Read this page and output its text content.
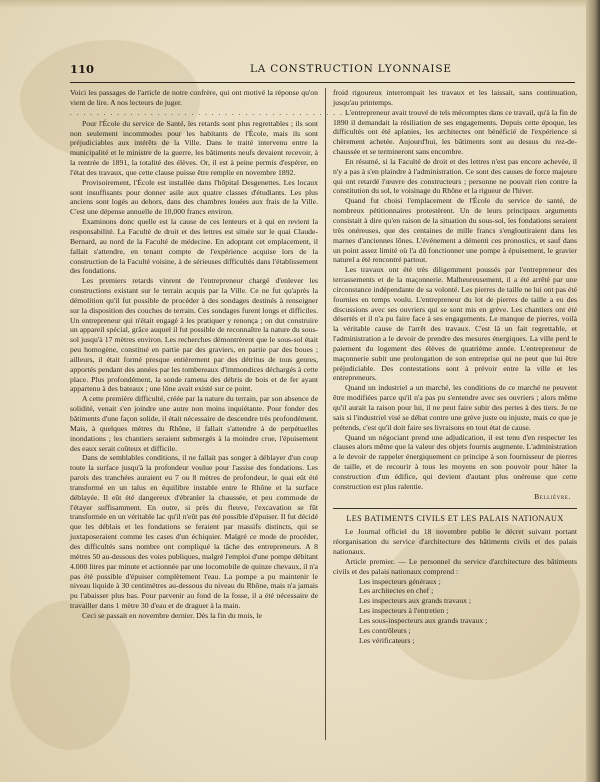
110	LA CONSTRUCTION LYONNAISE

Voici les passages de l'article de notre confrère, qui ont motivé la réponse qu'on vient de lire. A nos lecteurs de juger.

..........................................

Pour l'École du service de Santé, les retards sont plus regrettables ; ils sont non seulement incommodes pour les habitants de l'École, mais ils sont préjudiciables aux intérêts de la Ville. Dans le traité intervenu entre la municipalité et le ministre de la guerre, les bâtiments neufs devaient recevoir, à la rentrée de 1891, la totalité des élèves. Or, il est à peine permis d'espérer, en l'état des travaux, que cette clause puisse être remplie en novembre 1892.

Provisoirement, l'École est installée dans l'hôpital Desgenettes. Les locaux sont insuffisants pour donner asile aux quatre classes d'étudiants. Les plus anciens sont logés au dehors, dans des chambres louées aux frais de la Ville. C'est une dépense annuelle de 10,000 francs environ.

Examinons donc quelle est la cause de ces lenteurs et à qui en revient la responsabilité. La Faculté de droit et des lettres est située sur le quai Claude-Bernard, au nord de la Faculté de médecine. En adoptant cet emplacement, il fallait s'attendre, en tenant compte de l'expérience acquise lors de la construction de la Faculté voisine, à de sérieuses difficultés dans l'établissement des fondations.

Les premiers retards vinrent de l'entrepreneur chargé d'enlever les constructions existant sur le terrain acquis par la Ville. Ce ne fut qu'après la démolition qu'il fut possible de procéder à des sondages destinés à renseigner sur la disposition des couches de terrain. Ces sondages furent longs et difficiles. Un entrepreneur qui n'était engagé à les pratiquer y renonça ; on dut construire un appareil spécial, grâce auquel il fut possible de reconnaître la nature du sous-sol jusqu'à 17 mètres environ. Les recherches démontrèrent que le sous-sol était peu homogène, constitué en partie par des graviers, en partie par des boues ; ailleurs, il était formé presque entièrement par des détritus de tous genres, apportés pendant des années par les tombereaux d'immondices déchargés à cette place. Plus profondément, la sonde ramena des débris de bois et de fer ayant appartenu à des bateaux ; une lône avait existé sur ce point.

A cette première difficulté, créée par la nature du terrain, par son absence de solidité, venait s'en joindre une autre non moins inquiétante. Pour fonder des bâtiments d'une façon solide, il était nécessaire de descendre très profondément. Mais, à quelques mètres du Rhône, il fallait s'attendre à de perpétuelles inondations ; les chantiers seraient submergés à la moindre crue, l'épuisement des eaux serait coûteux et difficile.

Dans de semblables conditions, il ne fallait pas songer à déblayer d'un coup toute la surface jusqu'à la profondeur voulue pour l'assise des fondations. Les parois des tranchées auraient eu 7 ou 8 mètres de profondeur, le quai eût été transformé en un talus en équilibre instable entre le Rhône et la surface déblayée. Il eût été dangereux d'ébranler la chaussée, et peu commode de l'étayer suffisamment. En outre, si près du fleuve, l'excavation se fût transformée en un véritable lac qu'il n'eût pas été possible d'épuiser. Il fut décidé que les déblais et les fondations se feraient par massifs distincts, qui se juxtaposeraient comme les cases d'un échiquier. Malgré ce mode de procéder, des difficultés sans nombre ont compliqué la tâche des entrepreneurs. A 8 mètres 50 au-dessous des voies publiques, malgré l'emploi d'une pompe débitant 4.000 litres par minute et actionnée par une locomobile de quinze chevaux, il n'a pas été possible d'épuiser complètement l'eau. La pompe a pu maintenir le niveau liquide à 30 centimètres au-dessous du niveau du Rhône, mais n'a jamais pu l'abaisser plus bas. Pour parvenir au fond de la fosse, il a été nécessaire de travailler dans 1 mètre 30 d'eau et de draguer à la main.

Ceci se passait en novembre dernier. Dès la fin du mois, le

froid rigoureux interrompait les travaux et les laissait, sans continuation, jusqu'au printemps.

L'entrepreneur avait trouvé de tels mécomptes dans ce travail, qu'à la fin de 1890 il demandait la résiliation de ses engagements. Depuis cette époque, les difficultés ont été aplanies, les architectes ont bénéficié de l'expérience si chèrement achetée. Aujourd'hui, les bâtiments sont au dessus du rez-de-chaussée et se termineront sans encombre.

En résumé, si la Faculté de droit et des lettres n'est pas encore achevée, il n'y a pas à s'en plaindre à l'administration. Ce sont des causes de force majeure qui ont retardé l'œuvre des constructeurs ; personne ne pouvait rien contre la constitution du sol, le voisinage du Rhône et la rigueur de l'hiver.

Quand fut choisi l'emplacement de l'École du service de santé, de nombreux pétitionnaires protestèrent. Un de leurs principaux arguments consistait à dire qu'en raison de la situation du sous-sol, les fondations seraient très onéreuses, que des centaines de mille francs s'engloutiraient dans les marnes d'anciennes lônes. L'événement a démenti ces pronostics, et sauf dans un point assez limité où l'a dû fonctionner une pompe à épuisement, le gravier naturel a été rencontré partout.

Les travaux ont été très diligemment poussés par l'entrepreneur des terrassements et de la maçonnerie. Malheureusement, il a été arrêté par une circonstance indépendante de sa volonté. Les pierres de taille ne lui ont pas été fournies en temps voulu. L'entrepreneur du lot de pierres de taille a eu des discussions avec ses ouvriers qui se sont mis en grève. Les chantiers ont été désertés et il n'a pu faire face à ses engagements. Le manque de pierres, voilà la véritable cause de l'arrêt des travaux. C'est là un fait regrettable, et l'administration a le devoir de prendre des mesures énergiques. La ville perd le paiement du logement des élèves de quatrième année. L'entrepreneur de maçonnerie subit une prolongation de son entreprise qui ne peut que lui être préjudiciable. Des contestations sont à prévoir entre la ville et les entrepreneurs.

Quand un industriel a un marché, les conditions de ce marché ne peuvent être modifiées parce qu'il n'a pas pu s'entendre avec ses ouvriers ; alors même qu'il aurait la raison pour lui, il ne peut faire subir des pertes à des tiers. Je ne sais si l'industriel visé se débat contre une grève juste ou injuste, mais ce que je prétends, c'est qu'il doit faire ses livraisons en tout état de cause.

Quand un négociant prend une adjudication, il est tenu d'en respecter les clauses alors même que la valeur des objets fournis augmente. L'administration a le devoir de rappeler énergiquement ce principe à son fournisseur de pierres de taille, et de recourir à tous les moyens en son pouvoir pour hâter la construction d'un édifice, qui devient d'autant plus onéreuse que cette construction est plus ralentie.

Bellièvre.

LES BATIMENTS CIVILS ET LES PALAIS NATIONAUX

Le Journal officiel du 18 novembre publie le décret suivant portant réorganisation du service d'architecture des bâtiments civils et des palais nationaux.

Article premier. — Le personnel du service d'architecture des bâtiments civils et des palais nationaux comprend :

Les inspecteurs généraux ;
Les architectes en chef ;
Les inspecteurs aux grands travaux ;
Les inspecteurs à l'entretien ;
Les sous-inspecteurs aux grands travaux ;
Les contrôleurs ;
Les vérificateurs ;
